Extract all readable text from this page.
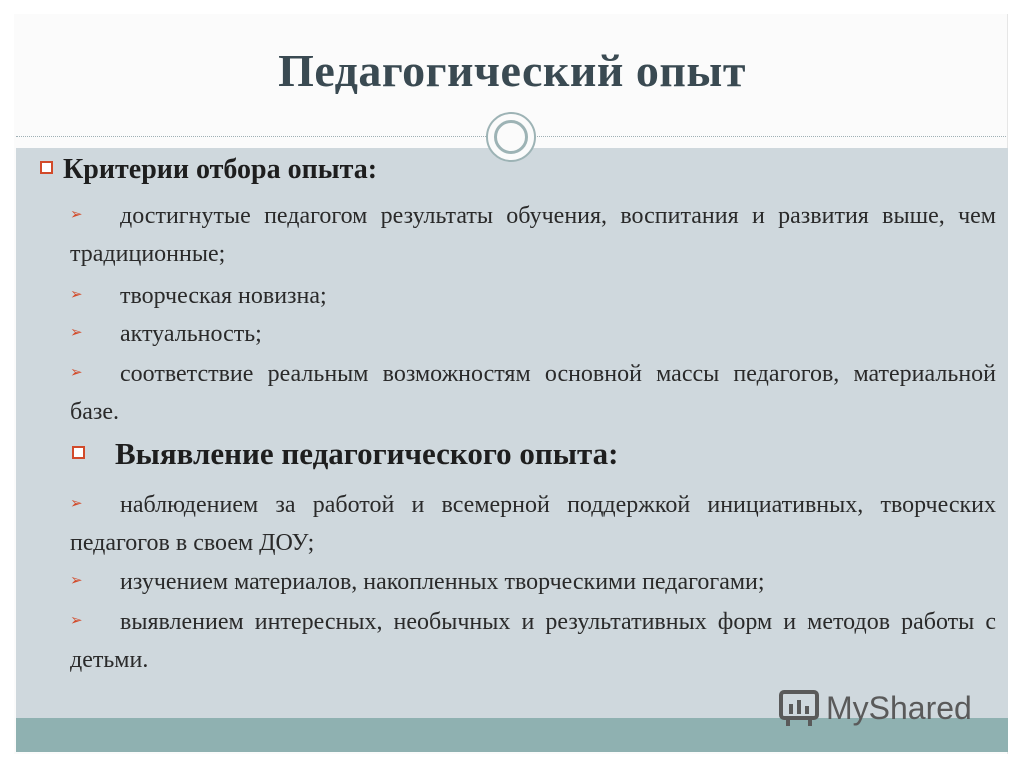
Педагогический опыт
Критерии отбора опыта:
➢ достигнутые педагогом результаты обучения, воспитания и развития выше, чем традиционные;
➢ творческая новизна;
➢ актуальность;
➢ соответствие реальным возможностям основной массы педагогов, материальной базе.
Выявление педагогического опыта:
➢ наблюдением за работой и всемерной поддержкой инициативных, творческих педагогов в своем ДОУ;
➢ изучением материалов, накопленных творческими педагогами;
➢ выявлением интересных, необычных и результативных форм и методов работы с детьми.
MyShared
